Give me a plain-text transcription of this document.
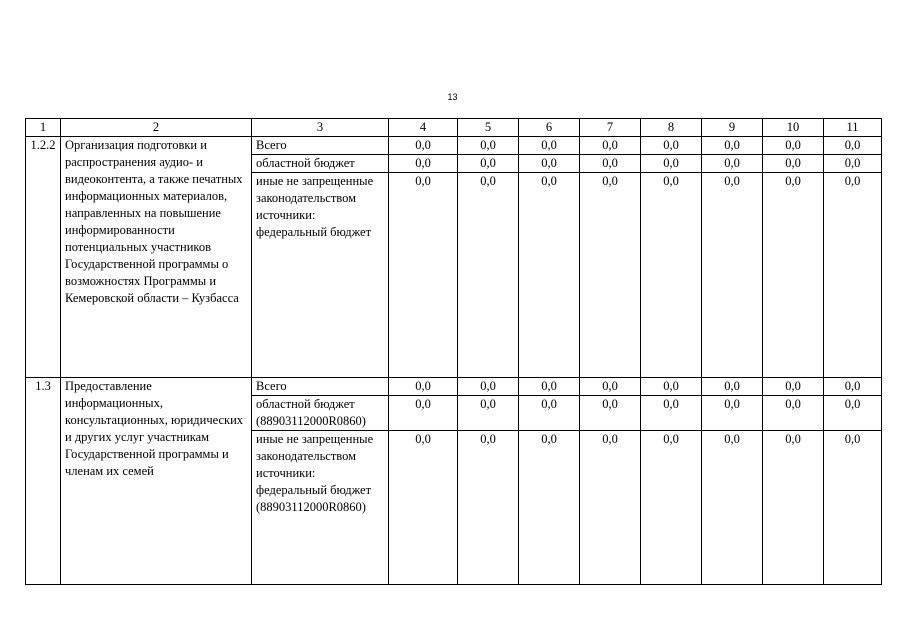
13
1	2	3	4	5	6	7	8	9	10	11
1.2.2	Организация подготовки и распространения аудио- и видеоконтента, а также печатных информационных материалов, направленных на повышение информированности потенциальных участников Государственной программы о возможностях Программы и Кемеровской области – Кузбасса	Всего	0,0	0,0	0,0	0,0	0,0	0,0	0,0	0,0
		областной бюджет	0,0	0,0	0,0	0,0	0,0	0,0	0,0	0,0
		иные не запрещенные законодательством источники: федеральный бюджет	0,0	0,0	0,0	0,0	0,0	0,0	0,0	0,0
1.3	Предоставление информационных, консультационных, юридических и других услуг участникам Государственной программы и членам их семей	Всего	0,0	0,0	0,0	0,0	0,0	0,0	0,0	0,0
		областной бюджет (88903112000R0860)	0,0	0,0	0,0	0,0	0,0	0,0	0,0	0,0
		иные не запрещенные законодательством источники: федеральный бюджет (88903112000R0860)	0,0	0,0	0,0	0,0	0,0	0,0	0,0	0,0
